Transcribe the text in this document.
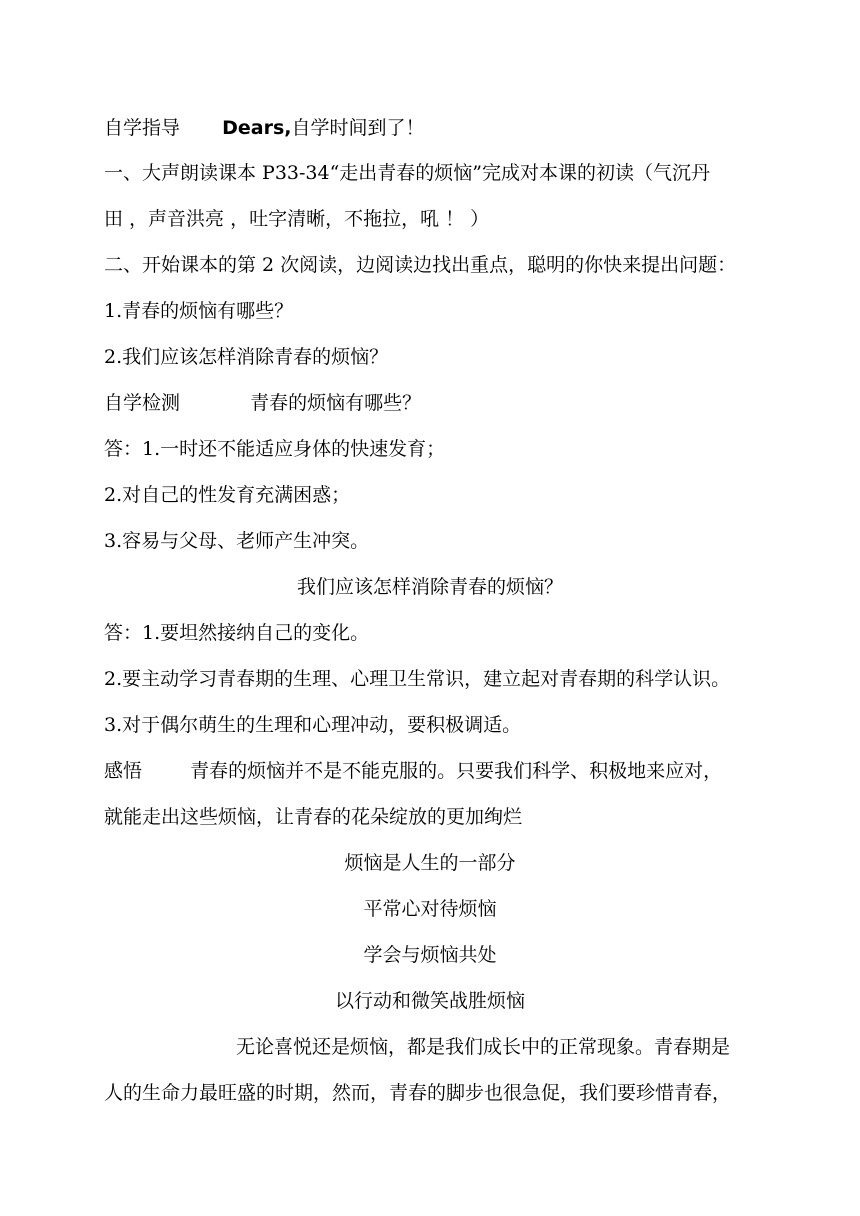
自学指导 Dears,自学时间到了！
一、大声朗读课本 P33-34“走出青春的烦恼”完成对本课的初读（气沉丹
田 ，声音洪亮 ，吐字清晰，不拖拉，吼 ！ ）
二、开始课本的第 2 次阅读，边阅读边找出重点，聪明的你快来提出问题：
1.青春的烦恼有哪些？
2.我们应该怎样消除青春的烦恼？
自学检测	青春的烦恼有哪些？
答：1.一时还不能适应身体的快速发育；
2.对自己的性发育充满困惑；
3.容易与父母、老师产生冲突。
我们应该怎样消除青春的烦恼？
答：1.要坦然接纳自己的变化。
2.要主动学习青春期的生理、心理卫生常识，建立起对青春期的科学认识。
3.对于偶尔萌生的生理和心理冲动，要积极调适。
感悟	青春的烦恼并不是不能克服的。只要我们科学、积极地来应对，
就能走出这些烦恼，让青春的花朵绽放的更加绚烂
烦恼是人生的一部分
平常心对待烦恼
学会与烦恼共处
以行动和微笑战胜烦恼
无论喜悦还是烦恼，都是我们成长中的正常现象。青春期是
人的生命力最旺盛的时期，然而，青春的脚步也很急促，我们要珍惜青春，
